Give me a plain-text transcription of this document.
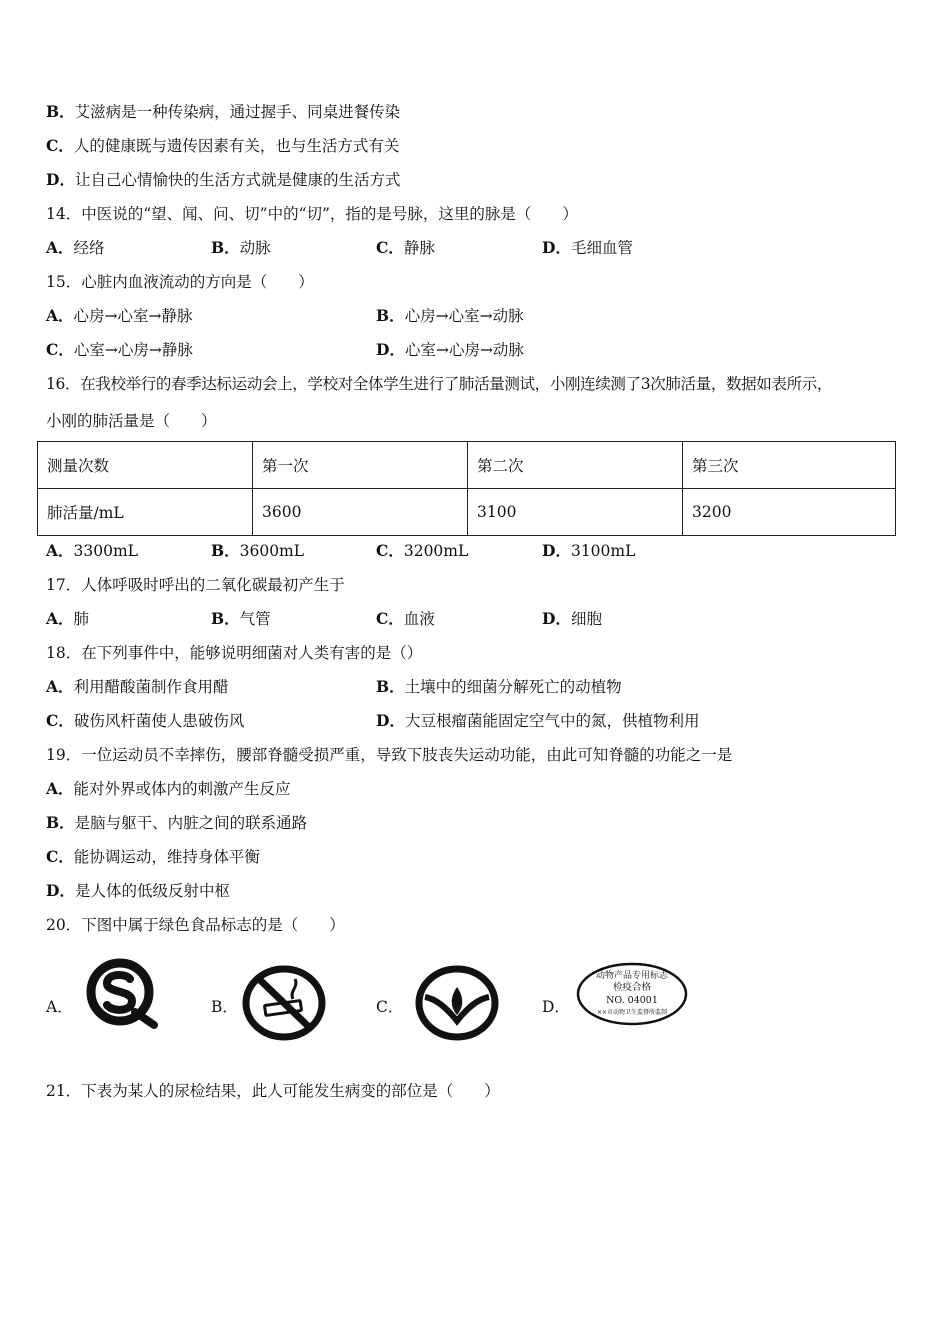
B．艾滋病是一种传染病，通过握手、同桌进餐传染
C．人的健康既与遗传因素有关，也与生活方式有关
D．让自己心情愉快的生活方式就是健康的生活方式
14．中医说的“望、闻、问、切”中的“切”，指的是号脉，这里的脉是（　　）
A．经络	B．动脉	C．静脉	D．毛细血管
15．心脏内血液流动的方向是（　　）
A．心房→心室→静脉	B．心房→心室→动脉
C．心室→心房→静脉	D．心室→心房→动脉
16．在我校举行的春季达标运动会上，学校对全体学生进行了肺活量测试，小刚连续测了3次肺活量，数据如表所示，
小刚的肺活量是（　　）
测量次数	第一次	第二次	第三次
肺活量/mL	3600	3100	3200
A．3300mL	B．3600mL	C．3200mL	D．3100mL
17．人体呼吸时呼出的二氧化碳最初产生于
A．肺	B．气管	C．血液	D．细胞
18．在下列事件中，能够说明细菌对人类有害的是（）
A．利用醋酸菌制作食用醋	B．土壤中的细菌分解死亡的动植物
C．破伤风杆菌使人患破伤风	D．大豆根瘤菌能固定空气中的氮，供植物利用
19．一位运动员不幸摔伤，腰部脊髓受损严重，导致下肢丧失运动功能，由此可知脊髓的功能之一是
A．能对外界或体内的刺激产生反应
B．是脑与躯干、内脏之间的联系通路
C．能协调运动，维持身体平衡
D．是人体的低级反射中枢
20．下图中属于绿色食品标志的是（　　）
A．	B．	C．	D．
动物产品专用标志
检疫合格
NO. 04001
××市动物卫生监督所监制
21．下表为某人的尿检结果，此人可能发生病变的部位是（　　）
